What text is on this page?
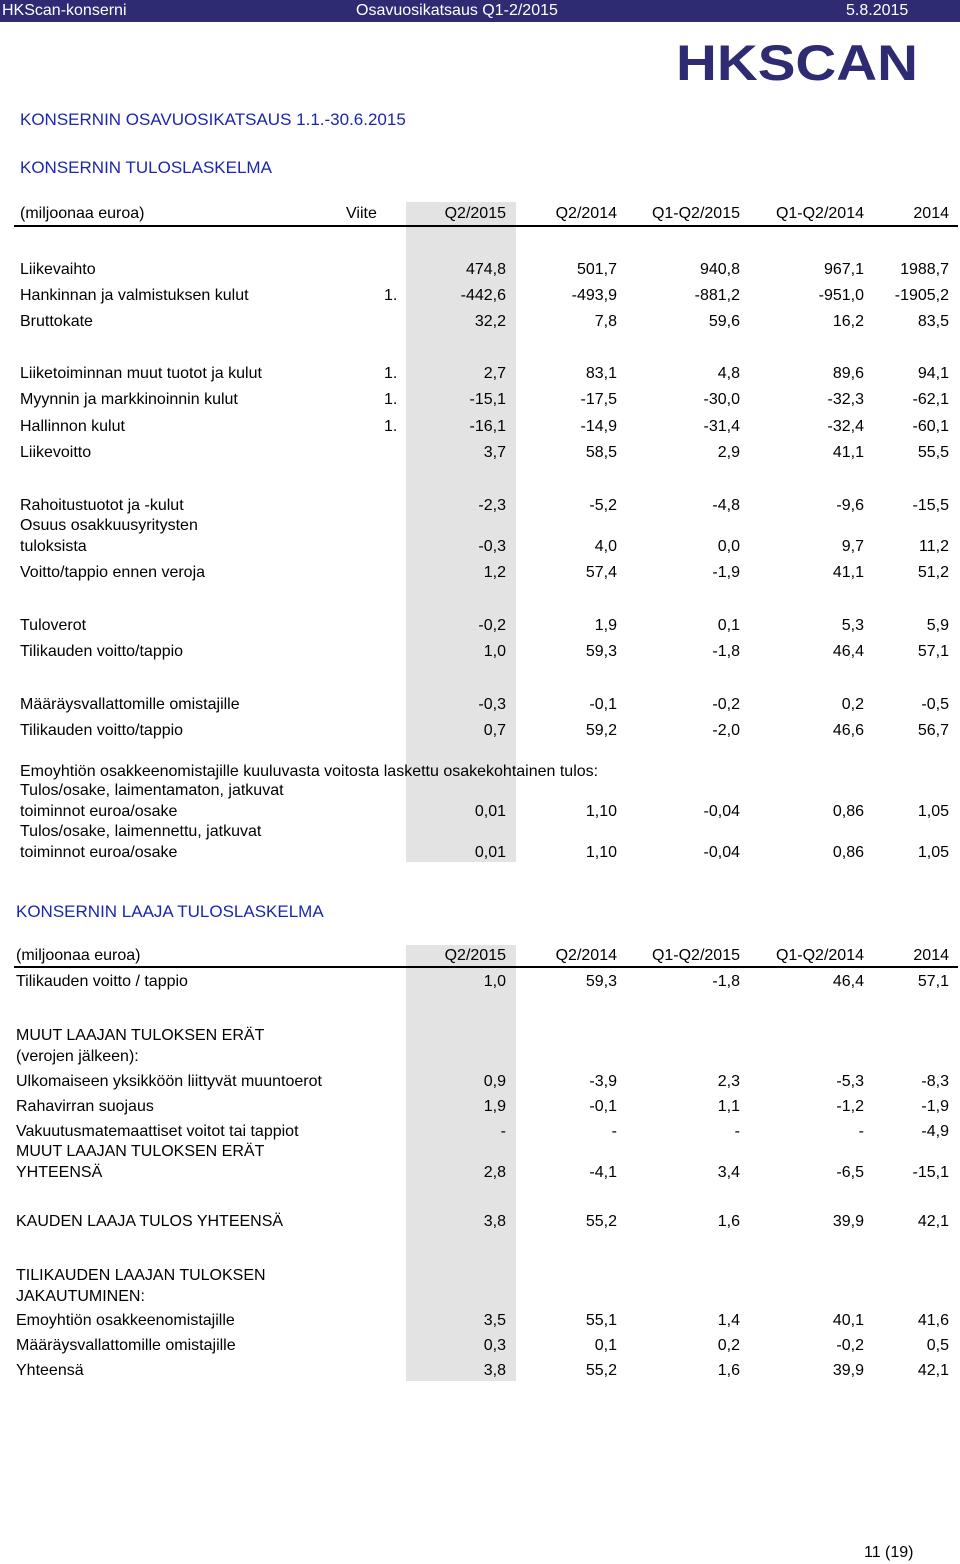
HKScan-konserni	Osavuosikatsaus Q1-2/2015	5.8.2015
HKSCAN
KONSERNIN OSAVUOSIKATSAUS 1.1.-30.6.2015
KONSERNIN TULOSLASKELMA
(miljoonaa euroa)	Viite	Q2/2015	Q2/2014	Q1-Q2/2015	Q1-Q2/2014	2014
Liikevaihto	474,8	501,7	940,8	967,1	1988,7
Hankinnan ja valmistuksen kulut	1.	-442,6	-493,9	-881,2	-951,0	-1905,2
Bruttokate	32,2	7,8	59,6	16,2	83,5
Liiketoiminnan muut tuotot ja kulut	1.	2,7	83,1	4,8	89,6	94,1
Myynnin ja markkinoinnin kulut	1.	-15,1	-17,5	-30,0	-32,3	-62,1
Hallinnon kulut	1.	-16,1	-14,9	-31,4	-32,4	-60,1
Liikevoitto	3,7	58,5	2,9	41,1	55,5
Rahoitustuotot ja -kulut	-2,3	-5,2	-4,8	-9,6	-15,5
Osuus osakkuusyritysten
tuloksista	-0,3	4,0	0,0	9,7	11,2
Voitto/tappio ennen veroja	1,2	57,4	-1,9	41,1	51,2
Tuloverot	-0,2	1,9	0,1	5,3	5,9
Tilikauden voitto/tappio	1,0	59,3	-1,8	46,4	57,1
Määräysvallattomille omistajille	-0,3	-0,1	-0,2	0,2	-0,5
Tilikauden voitto/tappio	0,7	59,2	-2,0	46,6	56,7
Emoyhtiön osakkeenomistajille kuuluvasta voitosta laskettu osakekohtainen tulos:
Tulos/osake, laimentamaton, jatkuvat
toiminnot euroa/osake	0,01	1,10	-0,04	0,86	1,05
Tulos/osake, laimennettu, jatkuvat
toiminnot euroa/osake	0,01	1,10	-0,04	0,86	1,05
KONSERNIN LAAJA TULOSLASKELMA
(miljoonaa euroa)	Q2/2015	Q2/2014	Q1-Q2/2015	Q1-Q2/2014	2014
Tilikauden voitto / tappio	1,0	59,3	-1,8	46,4	57,1
MUUT LAAJAN TULOKSEN ERÄT
(verojen jälkeen):
Ulkomaiseen yksikköön liittyvät muuntoerot	0,9	-3,9	2,3	-5,3	-8,3
Rahavirran suojaus	1,9	-0,1	1,1	-1,2	-1,9
Vakuutusmatemaattiset voitot tai tappiot	-	-	-	-	-4,9
MUUT LAAJAN TULOKSEN ERÄT
YHTEENSÄ	2,8	-4,1	3,4	-6,5	-15,1
KAUDEN LAAJA TULOS YHTEENSÄ	3,8	55,2	1,6	39,9	42,1
TILIKAUDEN LAAJAN TULOKSEN
JAKAUTUMINEN:
Emoyhtiön osakkeenomistajille	3,5	55,1	1,4	40,1	41,6
Määräysvallattomille omistajille	0,3	0,1	0,2	-0,2	0,5
Yhteensä	3,8	55,2	1,6	39,9	42,1
11 (19)
